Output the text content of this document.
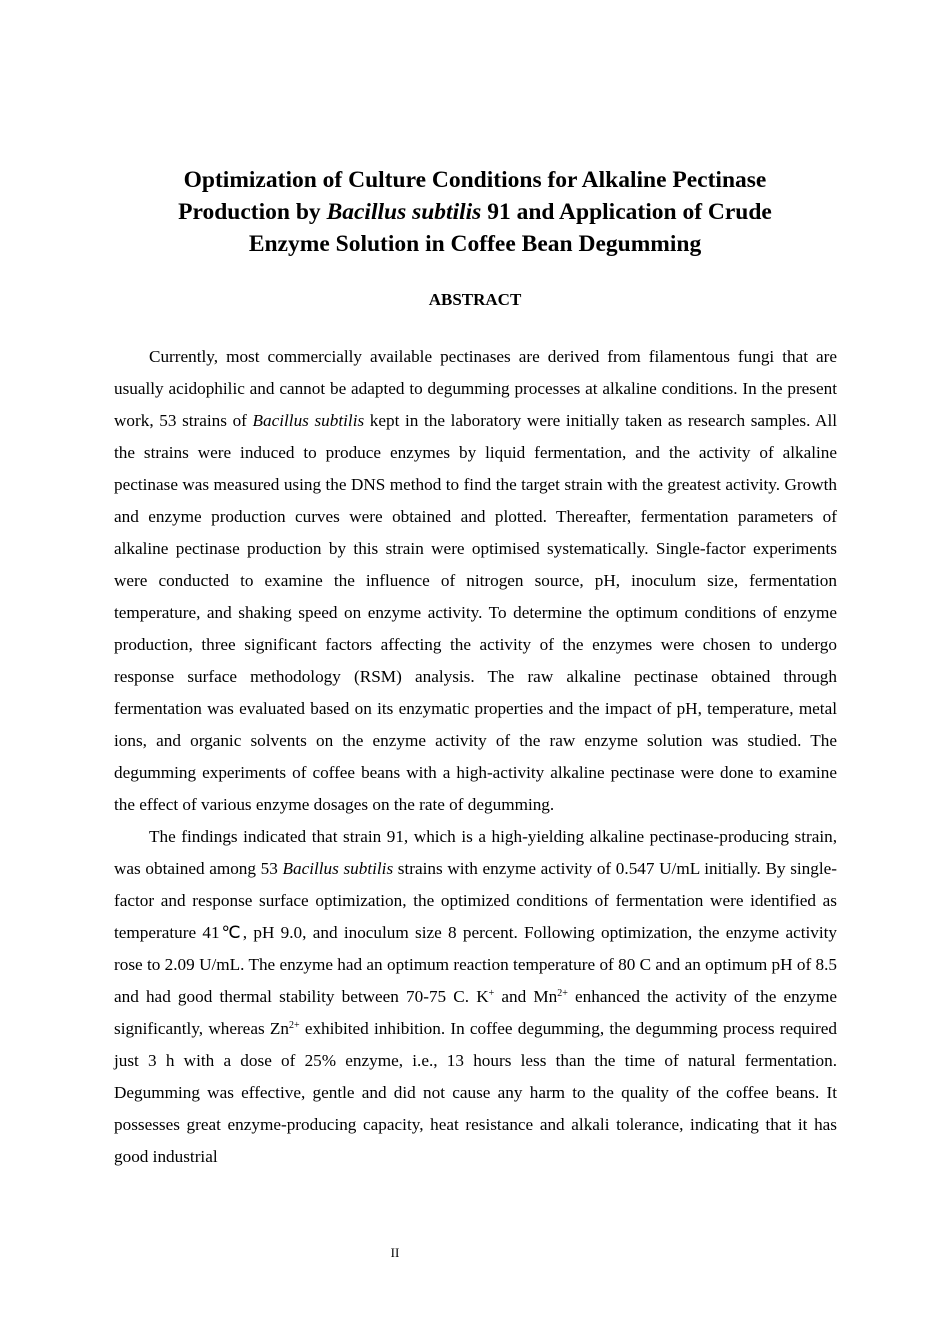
Optimization of Culture Conditions for Alkaline Pectinase
Production by Bacillus subtilis 91 and Application of Crude
Enzyme Solution in Coffee Bean Degumming
ABSTRACT

Currently, most commercially available pectinases are derived from filamentous fungi that are usually acidophilic and cannot be adapted to degumming processes at alkaline conditions. In the present work, 53 strains of Bacillus subtilis kept in the laboratory were initially taken as research samples. All the strains were induced to produce enzymes by liquid fermentation, and the activity of alkaline pectinase was measured using the DNS method to find the target strain with the greatest activity. Growth and enzyme production curves were obtained and plotted. Thereafter, fermentation parameters of alkaline pectinase production by this strain were optimised systematically. Single-factor experiments were conducted to examine the influence of nitrogen source, pH, inoculum size, fermentation temperature, and shaking speed on enzyme activity. To determine the optimum conditions of enzyme production, three significant factors affecting the activity of the enzymes were chosen to undergo response surface methodology (RSM) analysis. The raw alkaline pectinase obtained through fermentation was evaluated based on its enzymatic properties and the impact of pH, temperature, metal ions, and organic solvents on the enzyme activity of the raw enzyme solution was studied. The degumming experiments of coffee beans with a high-activity alkaline pectinase were done to examine the effect of various enzyme dosages on the rate of degumming.

The findings indicated that strain 91, which is a high-yielding alkaline pectinase-producing strain, was obtained among 53 Bacillus subtilis strains with enzyme activity of 0.547 U/mL initially. By single-factor and response surface optimization, the optimized conditions of fermentation were identified as temperature 41℃, pH 9.0, and inoculum size 8 percent. Following optimization, the enzyme activity rose to 2.09 U/mL. The enzyme had an optimum reaction temperature of 80 C and an optimum pH of 8.5 and had good thermal stability between 70-75 C. K+ and $Mn^{2+}$ enhanced the activity of the enzyme significantly, whereas $Zn^{2+}$ exhibited inhibition. In coffee degumming, the degumming process required just 3 h with a dose of 25% enzyme, i.e., 13 hours less than the time of natural fermentation. Degumming was effective, gentle and did not cause any harm to the quality of the coffee beans. It possesses great enzyme-producing capacity, heat resistance and alkali tolerance, indicating that it has good industrial

II
